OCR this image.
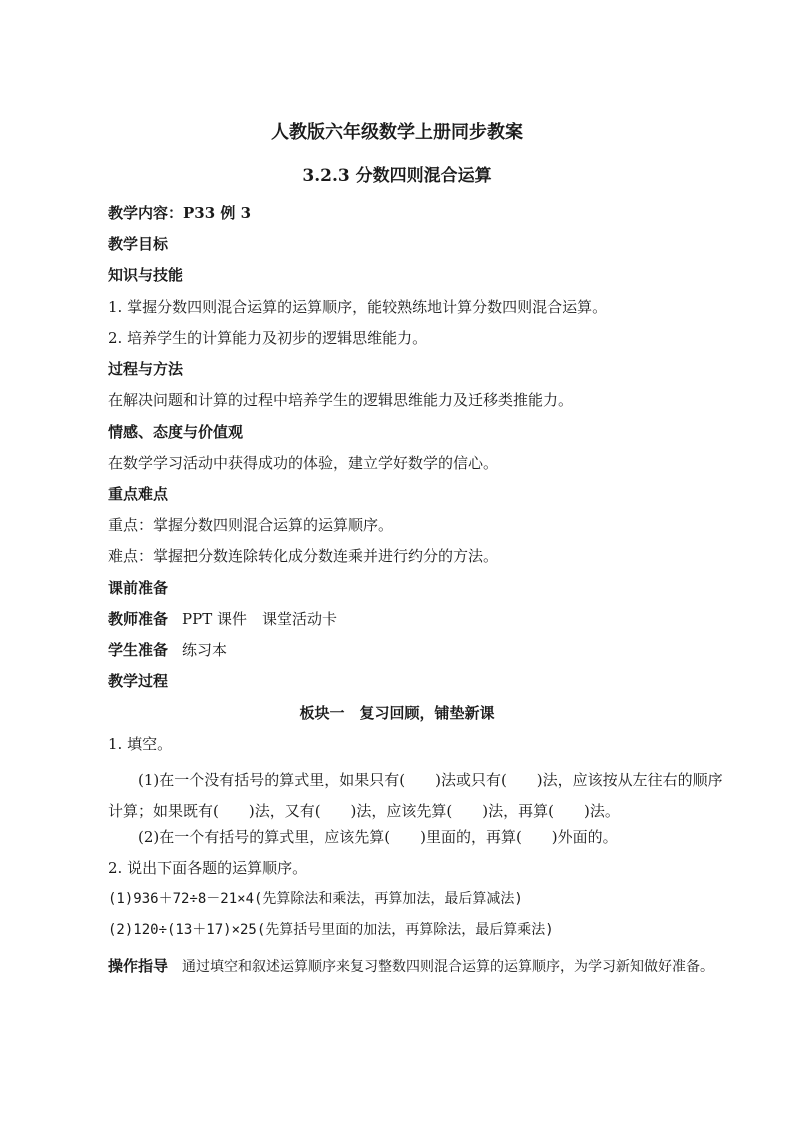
人教版六年级数学上册同步教案
3.2.3 分数四则混合运算
教学内容：P33 例 3
教学目标
知识与技能
1. 掌握分数四则混合运算的运算顺序，能较熟练地计算分数四则混合运算。
2. 培养学生的计算能力及初步的逻辑思维能力。
过程与方法
在解决问题和计算的过程中培养学生的逻辑思维能力及迁移类推能力。
情感、态度与价值观
在数学学习活动中获得成功的体验，建立学好数学的信心。
重点难点
重点：掌握分数四则混合运算的运算顺序。
难点：掌握把分数连除转化成分数连乘并进行约分的方法。
课前准备
教师准备 PPT 课件　课堂活动卡
学生准备 练习本
教学过程
板块一　复习回顾，铺垫新课
1. 填空。
(1)在一个没有括号的算式里，如果只有(　　)法或只有(　　)法，应该按从左往右的顺序计算；如果既有(　　)法，又有(　　)法，应该先算(　　)法，再算(　　)法。
(2)在一个有括号的算式里，应该先算(　　)里面的，再算(　　)外面的。
2. 说出下面各题的运算顺序。
(1)936＋72÷8－21×4(先算除法和乘法，再算加法，最后算减法)
(2)120÷(13＋17)×25(先算括号里面的加法，再算除法，最后算乘法)
操作指导 通过填空和叙述运算顺序来复习整数四则混合运算的运算顺序，为学习新知做好准备。
